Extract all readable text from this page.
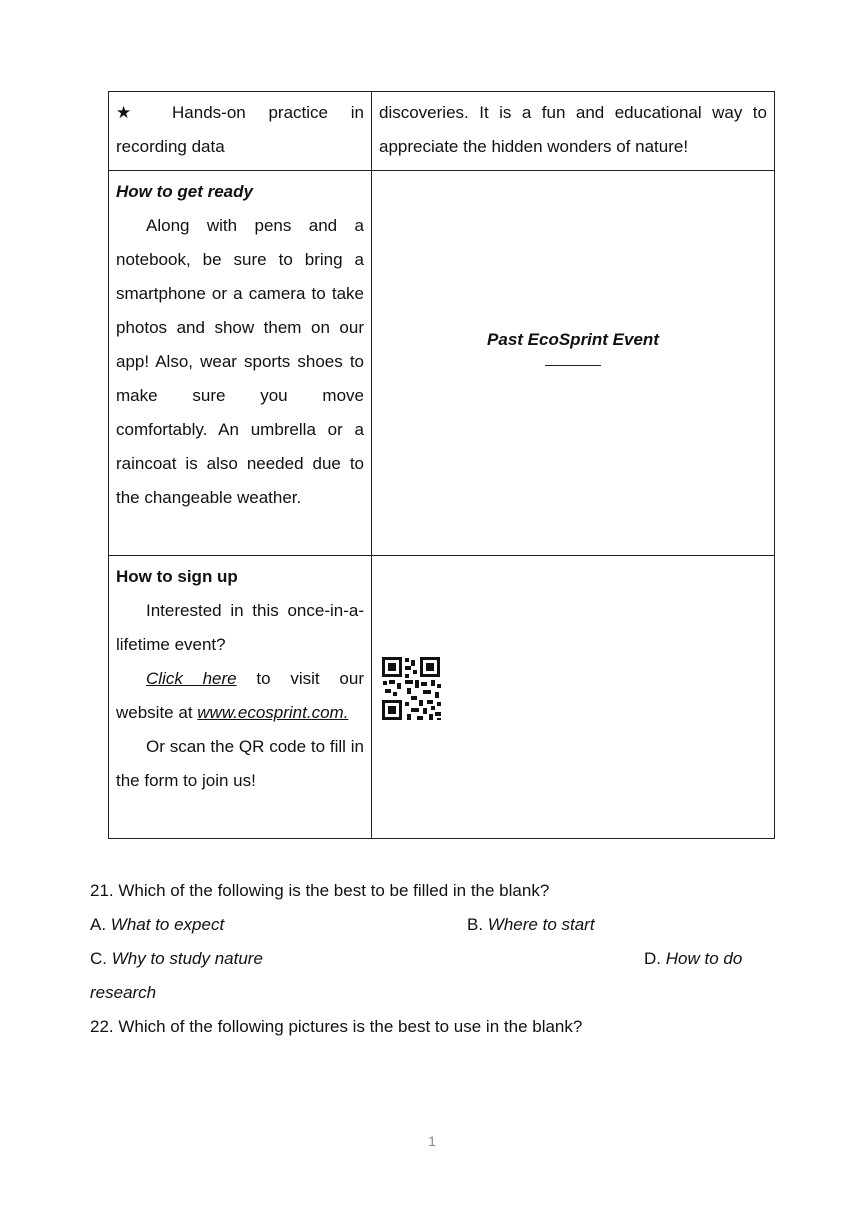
★ Hands-on practice in recording data	discoveries. It is a fun and educational way to appreciate the hidden wonders of nature!

How to get ready
Along with pens and a notebook, be sure to bring a smartphone or a camera to take photos and show them on our app! Also, wear sports shoes to make sure you move comfortably. An umbrella or a raincoat is also needed due to the changeable weather.	Past EcoSprint Event

How to sign up
Interested in this once-in-a-lifetime event?
Click here to visit our website at www.ecosprint.com.
Or scan the QR code to fill in the form to join us!

21. Which of the following is the best to be filled in the blank?
A. What to expect	B. Where to start
C. Why to study nature	D. How to do
research
22. Which of the following pictures is the best to use in the blank?
1
